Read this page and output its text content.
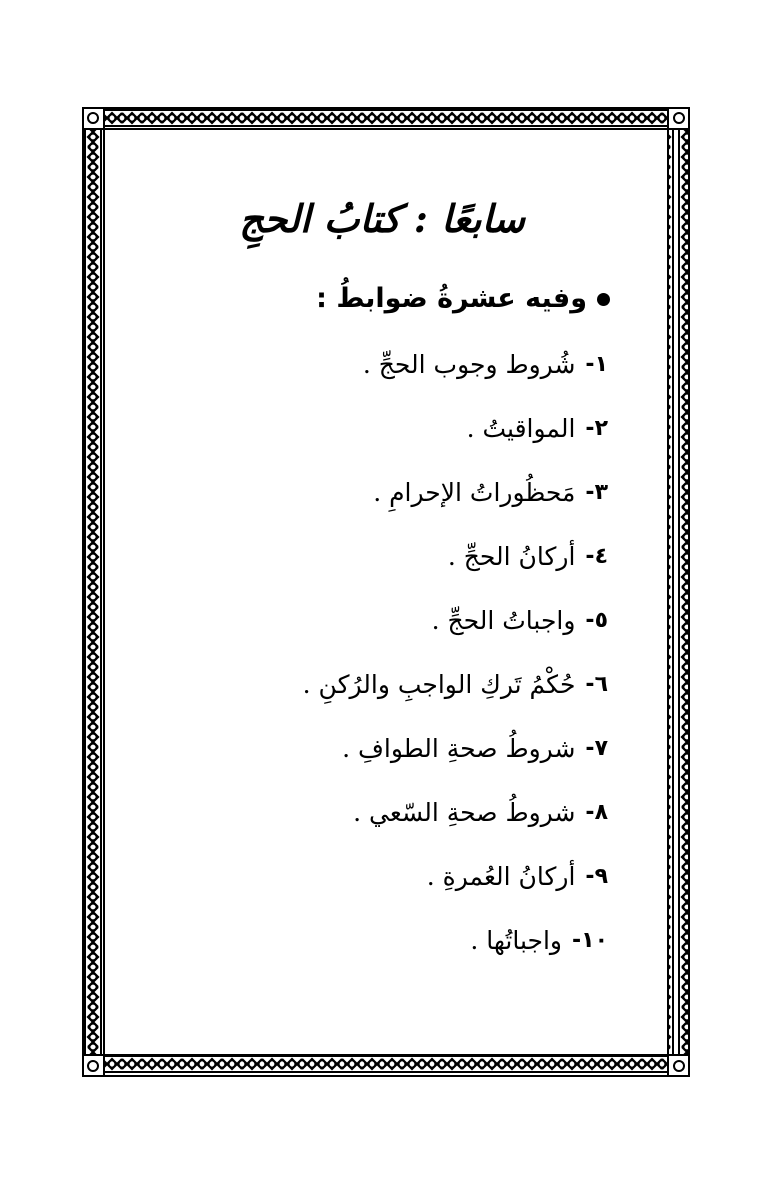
سابعًا : كتابُ الحجِ
وفيه عشرةُ ضوابطُ :
١-
شُروط وجوب الحجِّ .
٢-
المواقيتُ .
٣-
مَحظُوراتُ الإحرامِ .
٤-
أركانُ الحجِّ .
٥-
واجباتُ الحجِّ .
٦-
حُكْمُ تَركِ الواجبِ والرُكنِ .
٧-
شروطُ صحةِ الطوافِ .
٨-
شروطُ صحةِ السّعي .
٩-
أركانُ العُمرةِ .
١٠-
واجباتُها .
